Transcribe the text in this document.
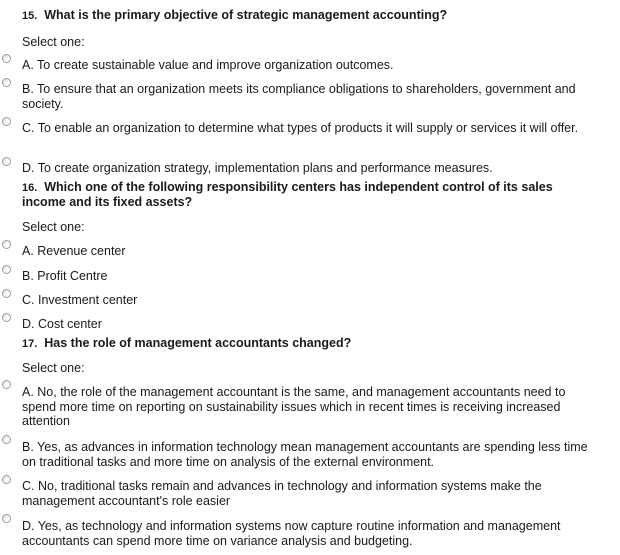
15. What is the primary objective of strategic management accounting?
Select one:
A. To create sustainable value and improve organization outcomes.
B. To ensure that an organization meets its compliance obligations to shareholders, government and society.
C. To enable an organization to determine what types of products it will supply or services it will offer.
D. To create organization strategy, implementation plans and performance measures.
16. Which one of the following responsibility centers has independent control of its sales income and its fixed assets?
Select one:
A. Revenue center
B. Profit Centre
C. Investment center
D. Cost center
17. Has the role of management accountants changed?
Select one:
A. No, the role of the management accountant is the same, and management accountants need to spend more time on reporting on sustainability issues which in recent times is receiving increased attention
B. Yes, as advances in information technology mean management accountants are spending less time on traditional tasks and more time on analysis of the external environment.
C. No, traditional tasks remain and advances in technology and information systems make the management accountant's role easier
D. Yes, as technology and information systems now capture routine information and management accountants can spend more time on variance analysis and budgeting.
